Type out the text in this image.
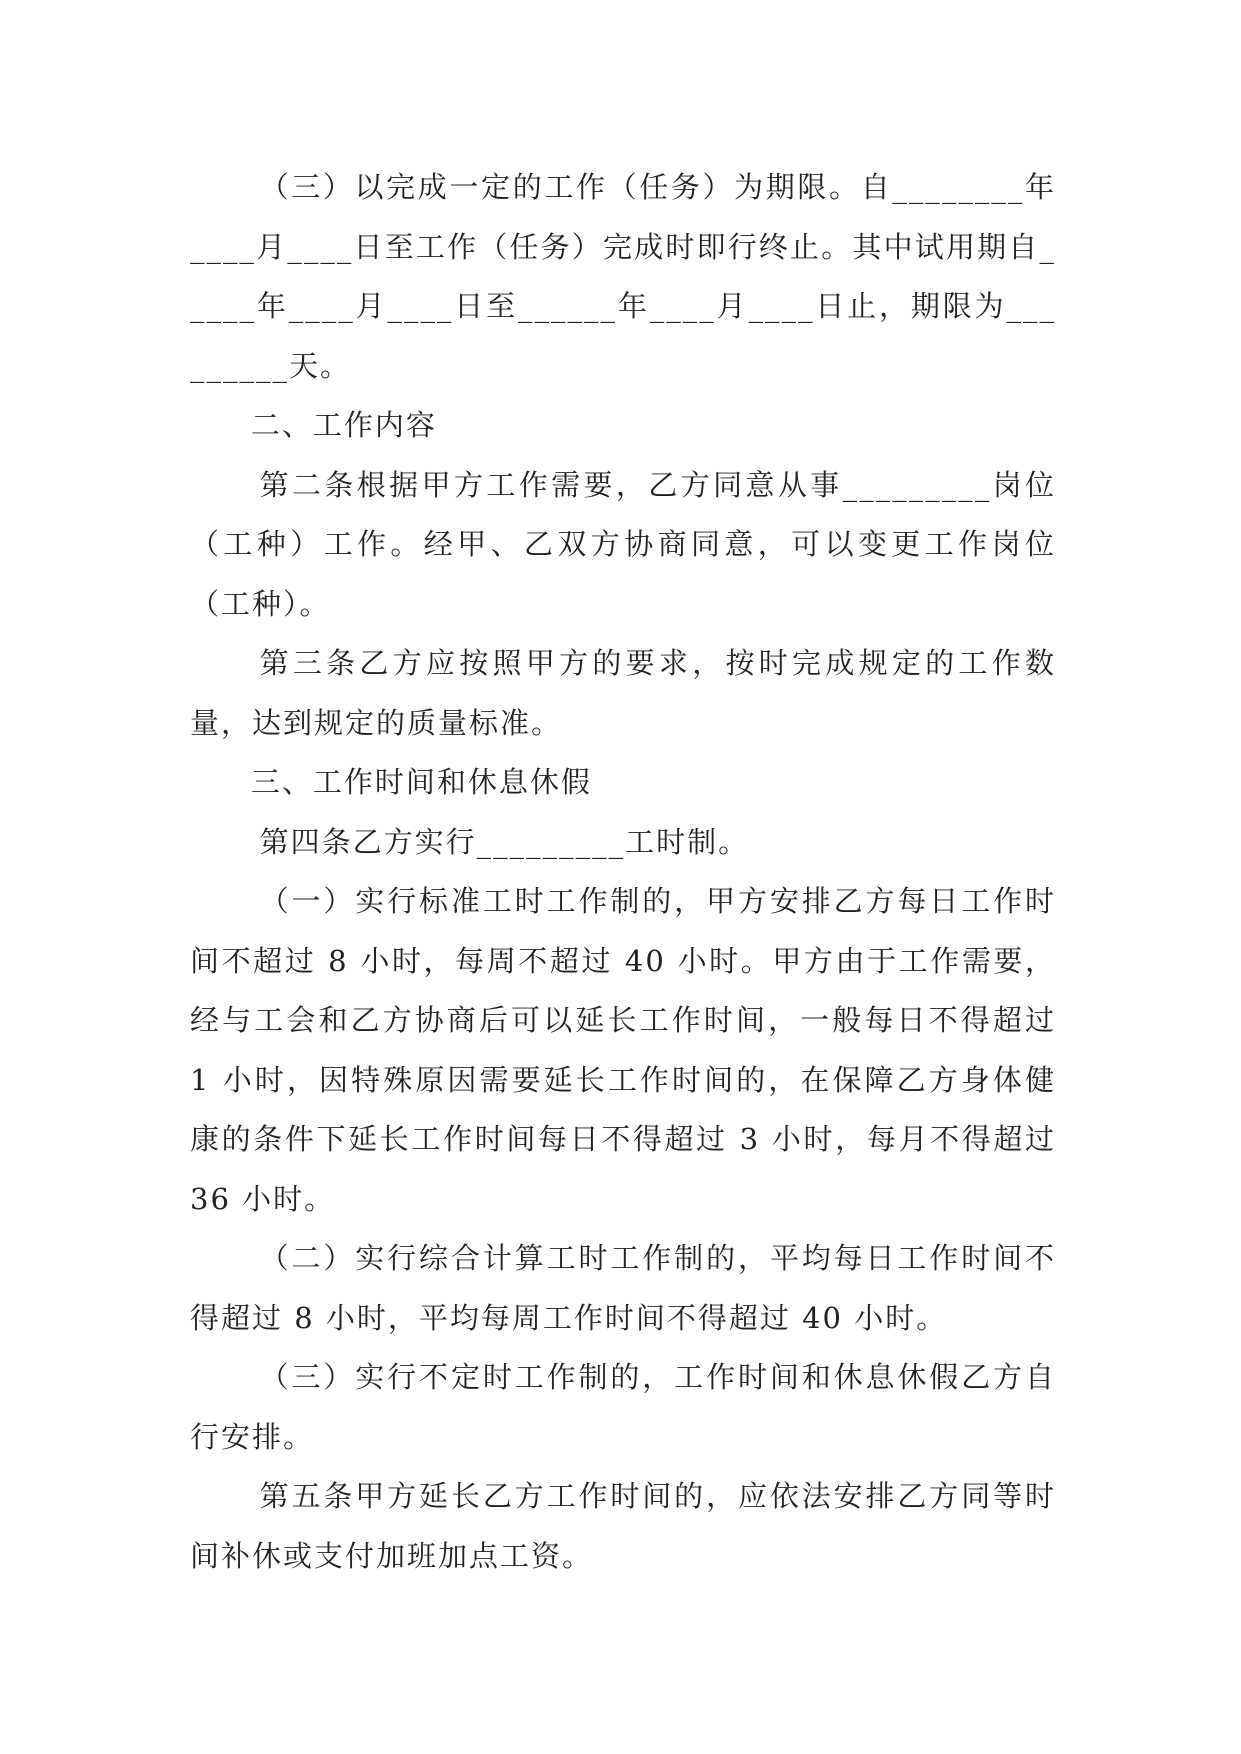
（三）以完成一定的工作（任务）为期限。自________年____月____日至工作（任务）完成时即行终止。其中试用期自_____年____月____日至______年____月____日止，期限为_________天。

二、工作内容

第二条根据甲方工作需要，乙方同意从事_________岗位（工种）工作。经甲、乙双方协商同意，可以变更工作岗位（工种）。

第三条乙方应按照甲方的要求，按时完成规定的工作数量，达到规定的质量标准。

三、工作时间和休息休假

第四条乙方实行_________工时制。

（一）实行标准工时工作制的，甲方安排乙方每日工作时间不超过 8 小时，每周不超过 40 小时。甲方由于工作需要，经与工会和乙方协商后可以延长工作时间，一般每日不得超过 1 小时，因特殊原因需要延长工作时间的，在保障乙方身体健康的条件下延长工作时间每日不得超过 3 小时，每月不得超过 36 小时。

（二）实行综合计算工时工作制的，平均每日工作时间不得超过 8 小时，平均每周工作时间不得超过 40 小时。

（三）实行不定时工作制的，工作时间和休息休假乙方自行安排。

第五条甲方延长乙方工作时间的，应依法安排乙方同等时间补休或支付加班加点工资。
